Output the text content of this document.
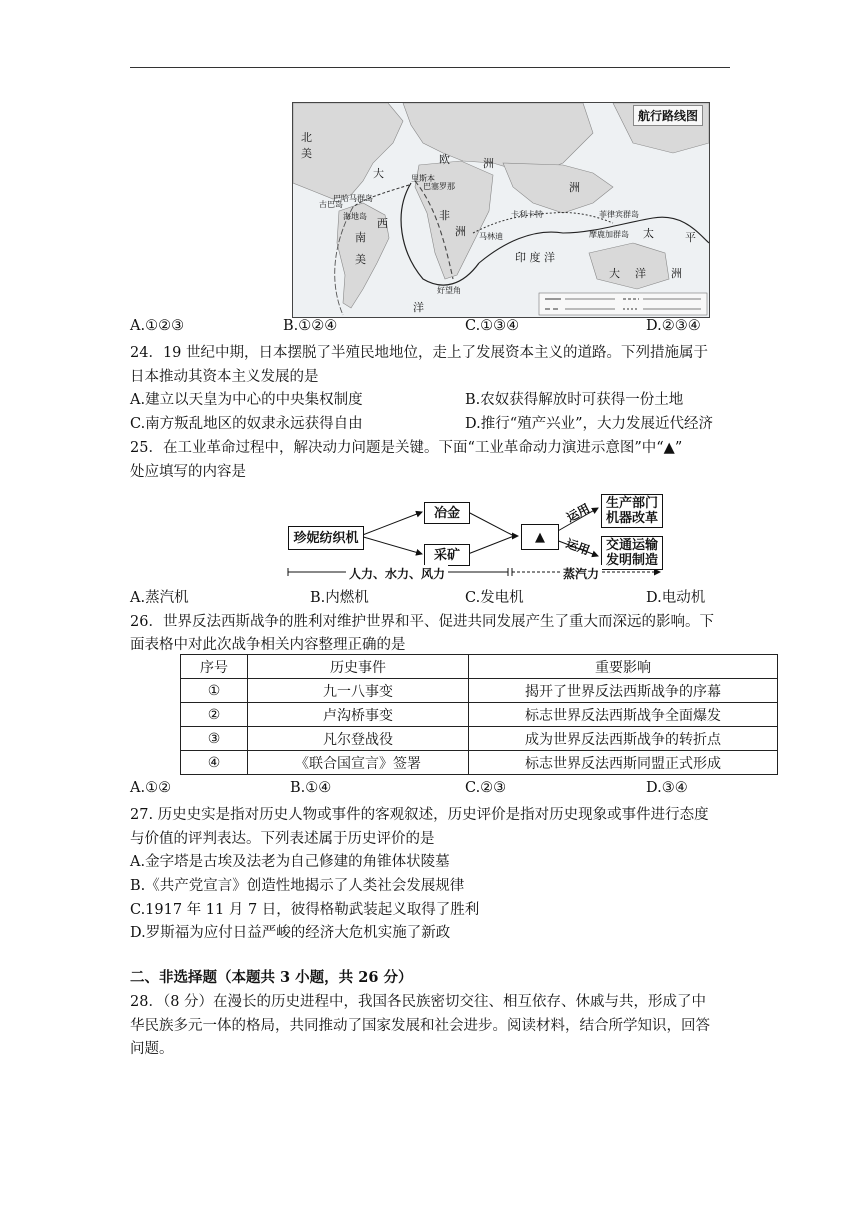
航行路线图
北
美	欧	洲
大
西
非
洲
南
美
太	平
大 洋 洲
印 度 洋
洲
洋
古巴岛
巴哈马群岛
海地岛
里斯本
巴塞罗那
马林迪
好望角
菲律宾群岛
摩鹿加群岛
卡利卡特
A.①②③	B.①②④	C.①③④	D.②③④
24．19 世纪中期，日本摆脱了半殖民地地位，走上了发展资本主义的道路。下列措施属于
日本推动其资本主义发展的是
A.建立以天皇为中心的中央集权制度	B.农奴获得解放时可获得一份土地
C.南方叛乱地区的奴隶永远获得自由	D.推行“殖产兴业”，大力发展近代经济
25．在工业革命过程中，解决动力问题是关键。下面“工业革命动力演进示意图”中“▲”
处应填写的内容是
珍妮纺织机
冶金
采矿
▲
生产部门
机器改革
交通运输
发明制造
运用
运用
人力、水力、风力	蒸汽力
A.蒸汽机	B.内燃机	C.发电机	D.电动机
26．世界反法西斯战争的胜利对维护世界和平、促进共同发展产生了重大而深远的影响。下
面表格中对此次战争相关内容整理正确的是
序号	历史事件	重要影响
①	九一八事变	揭开了世界反法西斯战争的序幕
②	卢沟桥事变	标志世界反法西斯战争全面爆发
③	凡尔登战役	成为世界反法西斯战争的转折点
④	《联合国宣言》签署	标志世界反法西斯同盟正式形成
A.①②	B.①④	C.②③	D.③④
27. 历史史实是指对历史人物或事件的客观叙述，历史评价是指对历史现象或事件进行态度
与价值的评判表达。下列表述属于历史评价的是
A.金字塔是古埃及法老为自己修建的角锥体状陵墓
B.《共产党宣言》创造性地揭示了人类社会发展规律
C.1917 年 11 月 7 日，彼得格勒武装起义取得了胜利
D.罗斯福为应付日益严峻的经济大危机实施了新政
二、非选择题（本题共 3 小题，共 26 分）
28．（8 分）在漫长的历史进程中，我国各民族密切交往、相互依存、休戚与共，形成了中
华民族多元一体的格局，共同推动了国家发展和社会进步。阅读材料，结合所学知识，回答
问题。
